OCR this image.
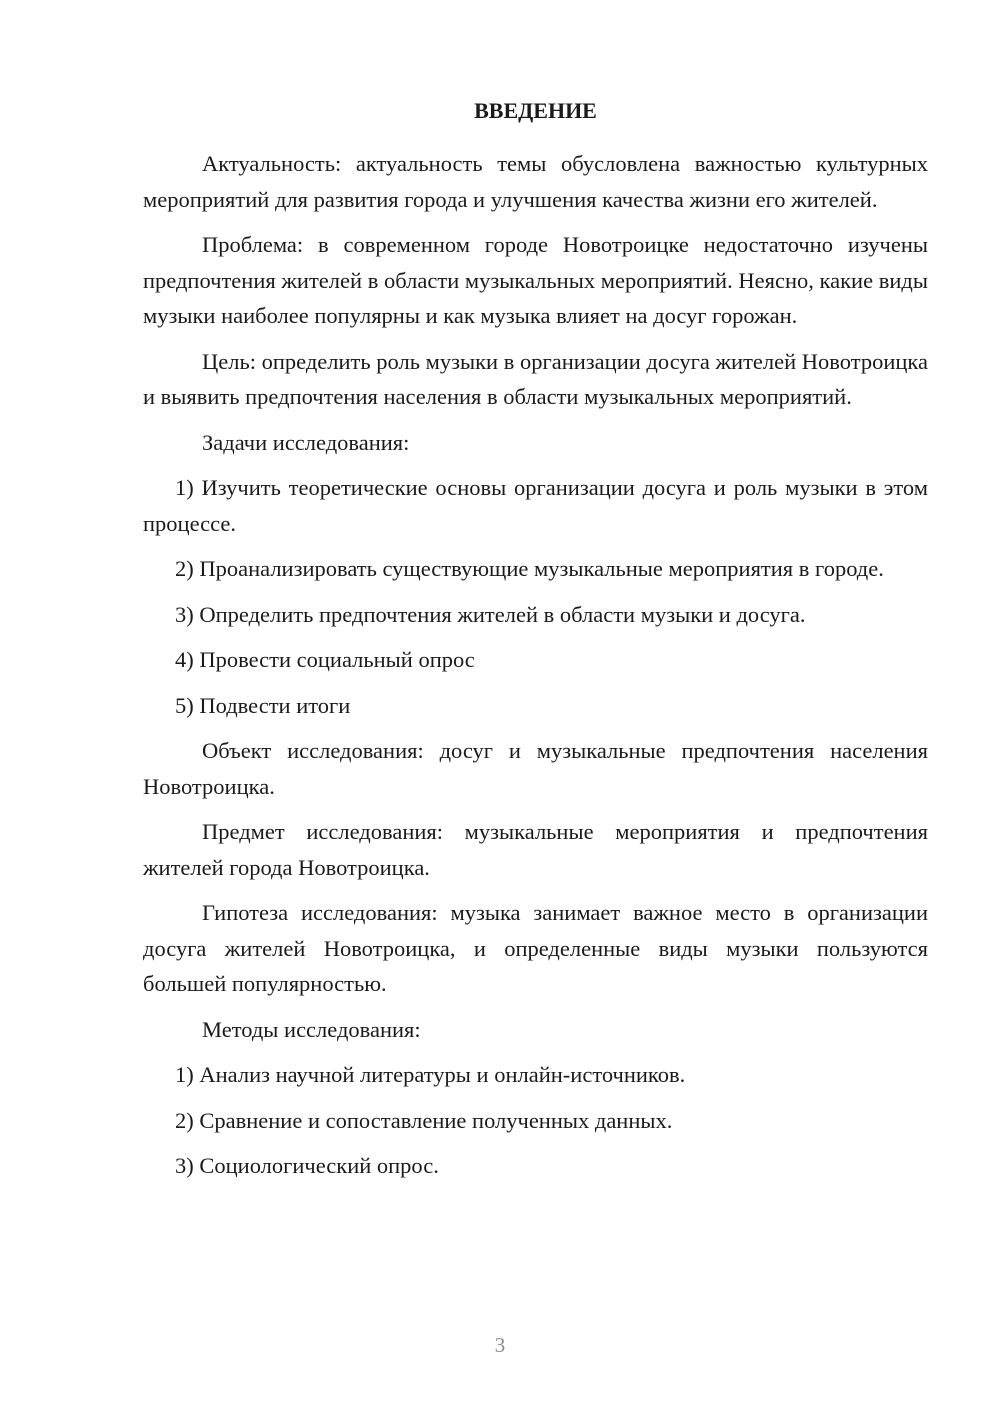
ВВЕДЕНИЕ

Актуальность: актуальность темы обусловлена важностью культурных мероприятий для развития города и улучшения качества жизни его жителей.

Проблема: в современном городе Новотроицке недостаточно изучены предпочтения жителей в области музыкальных мероприятий. Неясно, какие виды музыки наиболее популярны и как музыка влияет на досуг горожан.

Цель: определить роль музыки в организации досуга жителей Новотроицка и выявить предпочтения населения в области музыкальных мероприятий.

Задачи исследования:

1) Изучить теоретические основы организации досуга и роль музыки в этом процессе.

2) Проанализировать существующие музыкальные мероприятия в городе.

3) Определить предпочтения жителей в области музыки и досуга.

4) Провести социальный опрос

5) Подвести итоги

Объект исследования: досуг и музыкальные предпочтения населения Новотроицка.

Предмет исследования: музыкальные мероприятия и предпочтения жителей города Новотроицка.

Гипотеза исследования: музыка занимает важное место в организации досуга жителей Новотроицка, и определенные виды музыки пользуются большей популярностью.

Методы исследования:

1) Анализ научной литературы и онлайн-источников.

2) Сравнение и сопоставление полученных данных.

3) Социологический опрос.

3
